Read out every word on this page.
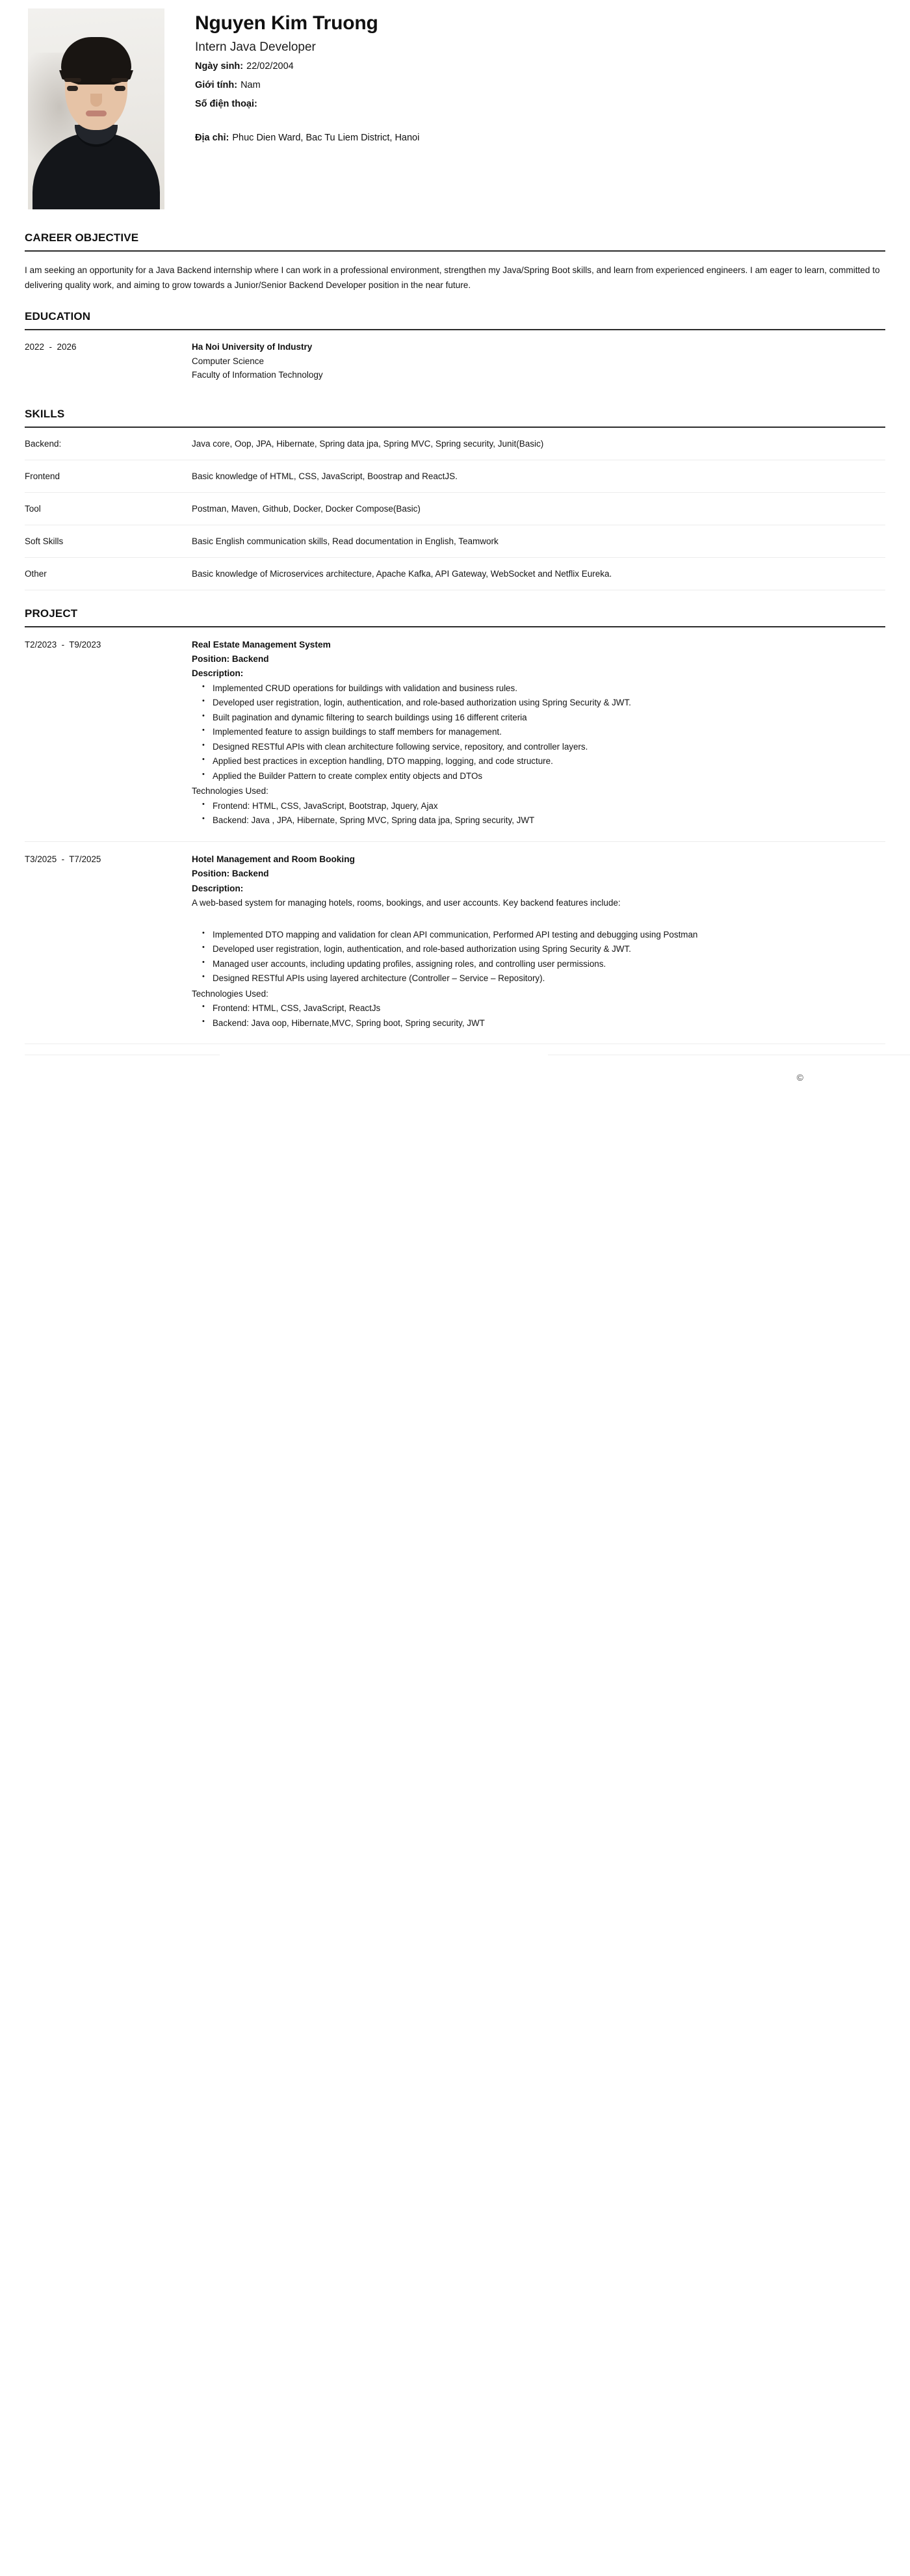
Nguyen Kim Truong
Intern Java Developer
Ngày sinh: 22/02/2004
Giới tính: Nam
Số điện thoại:
Địa chỉ: Phuc Dien Ward, Bac Tu Liem District, Hanoi
CAREER OBJECTIVE
I am seeking an opportunity for a Java Backend internship where I can work in a professional environment, strengthen my Java/Spring Boot skills, and learn from experienced engineers. I am eager to learn, committed to delivering quality work, and aiming to grow towards a Junior/Senior Backend Developer position in the near future.
EDUCATION
2022  -  2026	Ha Noi University of Industry
Computer Science
Faculty of Information Technology
SKILLS
Backend:	Java core, Oop, JPA, Hibernate, Spring data jpa, Spring MVC, Spring security, Junit(Basic)
Frontend	Basic knowledge of HTML, CSS, JavaScript, Boostrap and ReactJS.
Tool	Postman, Maven, Github, Docker, Docker Compose(Basic)
Soft Skills	Basic English communication skills, Read documentation in English, Teamwork
Other	Basic knowledge of Microservices architecture, Apache Kafka, API Gateway, WebSocket and Netflix Eureka.
PROJECT
T2/2023  -  T9/2023	Real Estate Management System
Position: Backend
Description:
• Implemented CRUD operations for buildings with validation and business rules.
• Developed user registration, login, authentication, and role-based authorization using Spring Security & JWT.
• Built pagination and dynamic filtering to search buildings using 16 different criteria
• Implemented feature to assign buildings to staff members for management.
• Designed RESTful APIs with clean architecture following service, repository, and controller layers.
• Applied best practices in exception handling, DTO mapping, logging, and code structure.
• Applied the Builder Pattern to create complex entity objects and DTOs
Technologies Used:
• Frontend: HTML, CSS, JavaScript, Bootstrap, Jquery, Ajax
• Backend: Java , JPA, Hibernate, Spring MVC, Spring data jpa, Spring security, JWT
T3/2025  -  T7/2025	Hotel Management and Room Booking
Position: Backend
Description:
A web-based system for managing hotels, rooms, bookings, and user accounts. Key backend features include:
• Implemented DTO mapping and validation for clean API communication, Performed API testing and debugging using Postman
• Developed user registration, login, authentication, and role-based authorization using Spring Security & JWT.
• Managed user accounts, including updating profiles, assigning roles, and controlling user permissions.
• Designed RESTful APIs using layered architecture (Controller – Service – Repository).
Technologies Used:
• Frontend: HTML, CSS, JavaScript, ReactJs
• Backend: Java oop, Hibernate,MVC, Spring boot, Spring security, JWT
©
